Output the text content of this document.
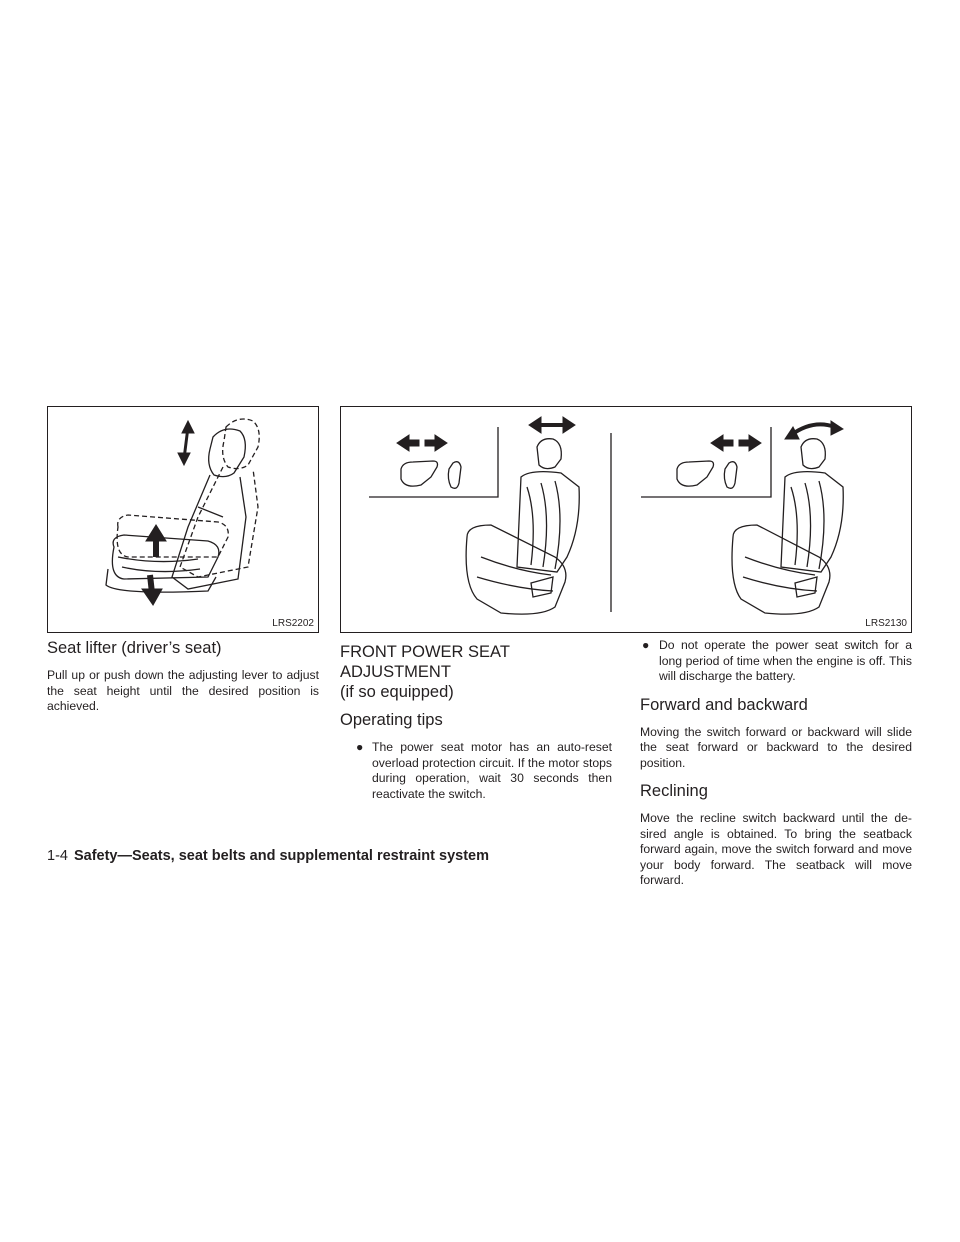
LRS2202	LRS2130
Seat lifter (driver’s seat)

Pull up or push down the adjusting lever to adjust the seat height until the desired position is achieved.

FRONT POWER SEAT ADJUSTMENT
(if so equipped)
Operating tips
● The power seat motor has an auto-reset overload protection circuit. If the motor stops during operation, wait 30 seconds then reactivate the switch.
● Do not operate the power seat switch for a long period of time when the engine is off. This will discharge the battery.
Forward and backward

Moving the switch forward or backward will slide the seat forward or backward to the desired position.

Reclining

Move the recline switch backward until the de- sired angle is obtained. To bring the seatback forward again, move the switch forward and move your body forward. The seatback will move forward.

1-4 Safety—Seats, seat belts and supplemental restraint system
